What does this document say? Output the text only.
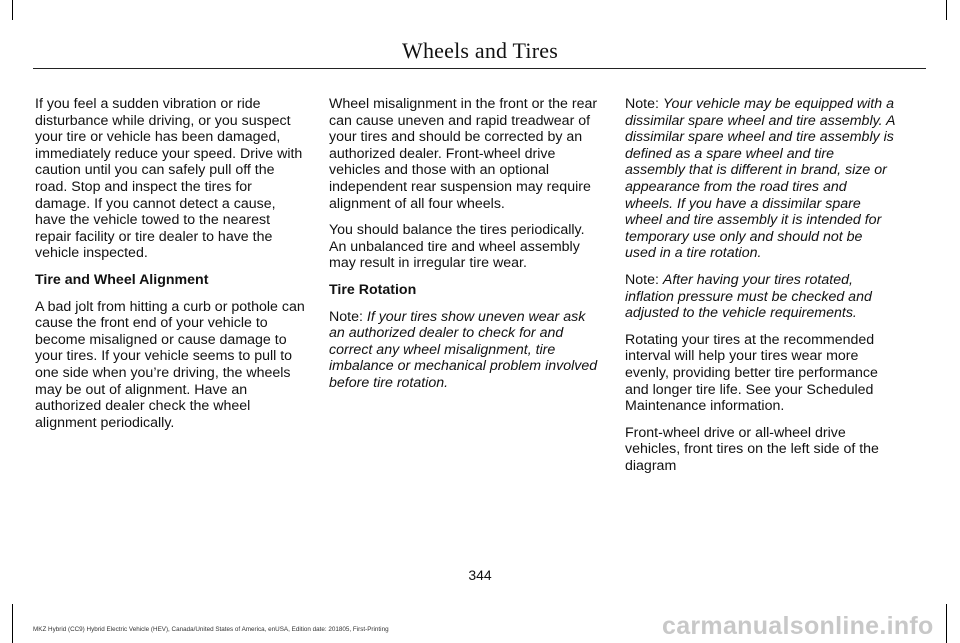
Wheels and Tires

If you feel a sudden vibration or ride disturbance while driving, or you suspect your tire or vehicle has been damaged, immediately reduce your speed. Drive with caution until you can safely pull off the road. Stop and inspect the tires for damage. If you cannot detect a cause, have the vehicle towed to the nearest repair facility or tire dealer to have the vehicle inspected.

Tire and Wheel Alignment

A bad jolt from hitting a curb or pothole can cause the front end of your vehicle to become misaligned or cause damage to your tires. If your vehicle seems to pull to one side when you’re driving, the wheels may be out of alignment. Have an authorized dealer check the wheel alignment periodically.

Wheel misalignment in the front or the rear can cause uneven and rapid treadwear of your tires and should be corrected by an authorized dealer. Front-wheel drive vehicles and those with an optional independent rear suspension may require alignment of all four wheels.

You should balance the tires periodically. An unbalanced tire and wheel assembly may result in irregular tire wear.

Tire Rotation

Note: If your tires show uneven wear ask an authorized dealer to check for and correct any wheel misalignment, tire imbalance or mechanical problem involved before tire rotation.

Note: Your vehicle may be equipped with a dissimilar spare wheel and tire assembly. A dissimilar spare wheel and tire assembly is defined as a spare wheel and tire assembly that is different in brand, size or appearance from the road tires and wheels. If you have a dissimilar spare wheel and tire assembly it is intended for temporary use only and should not be used in a tire rotation.

Note: After having your tires rotated, inflation pressure must be checked and adjusted to the vehicle requirements.

Rotating your tires at the recommended interval will help your tires wear more evenly, providing better tire performance and longer tire life. See your Scheduled Maintenance information.

Front-wheel drive or all-wheel drive vehicles, front tires on the left side of the diagram

344
MKZ Hybrid (CC9) Hybrid Electric Vehicle (HEV), Canada/United States of America, enUSA, Edition date: 201805, First-Printing	carmanualsonline.info
